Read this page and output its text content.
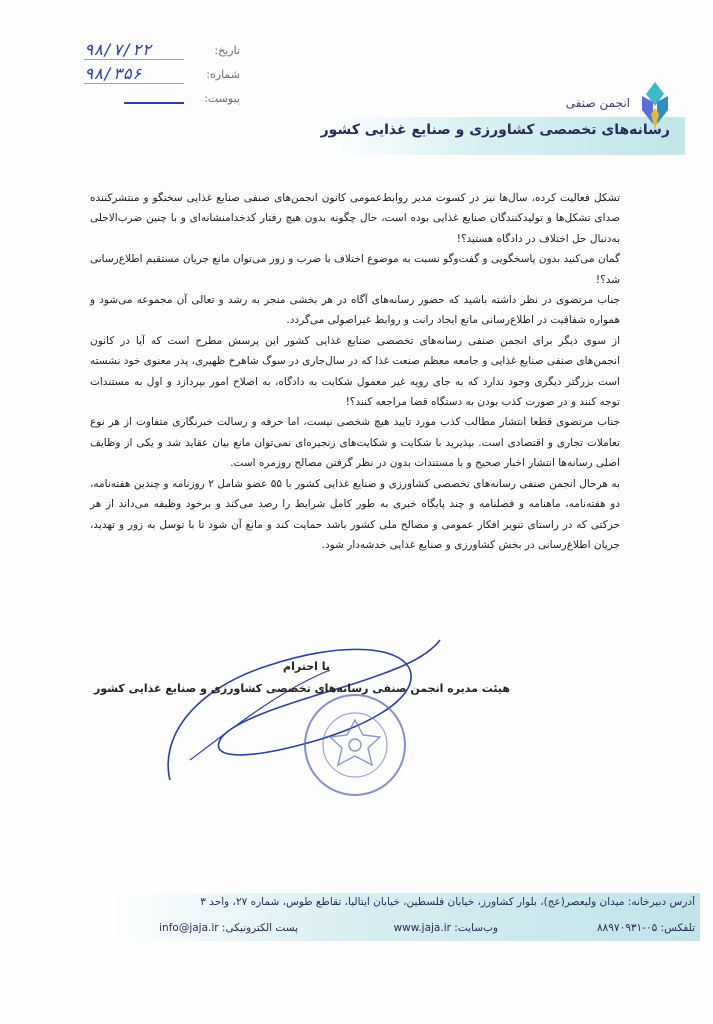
تاریخ:
۹۸/۷/۲۲
شماره:
۹۸/۳۵۶
پیوست:	انجمن صنفی
رسانه‌های تخصصی کشاورزی و صنایع غذایی کشور

تشکل فعالیت کرده، سال‌ها نیز در کسوت مدیر روابط‌عمومی کانون انجمن‌های صنفی صنایع غذایی سخنگو و منتشرکننده صدای تشکل‌ها و تولیدکنندگان صنایع غذایی بوده است، حال چگونه بدون هیچ رفتار کدخدامنشانه‌ای و با چنین ضرب‌الاجلی به‌دنبال حل اختلاف در دادگاه هستید؟!

گمان می‌کنید بدون پاسخگویی و گفت‌وگو نسبت به موضوع اختلاف با ضرب و زور می‌توان مانع جریان مستقیم اطلاع‌رسانی شد؟!

جناب مرتضوی در نظر داشته باشید که حضور رسانه‌های آگاه در هر بخشی منجر به رشد و تعالی آن مجموعه می‌شود و همواره شفافیت در اطلاع‌رسانی مانع ایجاد رانت و روابط غیراصولی می‌گردد.

از سوی دیگر برای انجمن صنفی رسانه‌های تخصصی صنایع غذایی کشور این پرسش مطرح است که آیا در کانون انجمن‌های صنفی صنایع غذایی و جامعه معظم صنعت غذا که در سال‌جاری در سوگ شاهرخ ظهیری، پدر معنوی خود نشسته است بزرگتر دیگری وجود ندارد که به جای رویه غیر معمول شکایت به دادگاه، به اصلاح امور بپردازد و اول به مستندات توجه کنند و در صورت کذب بودن به دستگاه قضا مراجعه کنند؟!

جناب مرتضوی قطعا انتشار مطالب کذب مورد تایید هیچ شخصی نیست، اما حرفه و رسالت خبرنگاری متفاوت از هر نوع تعاملات تجاری و اقتصادی است. بپذیرید با شکایت و شکایت‌های زنجیره‌ای نمی‌توان مانع بیان عقاید شد و یکی از وظایف اصلی رسانه‌ها انتشار اخبار صحیح و با مستندات بدون در نظر گرفتن مصالح روزمره است.

به هرحال انجمن صنفی رسانه‌های تخصصی کشاورزی و صنایع غذایی کشور با ۵۵ عضو شامل ۲ روزنامه و چندین هفته‌نامه، دو هفته‌نامه، ماهنامه و فصلنامه و چند پایگاه خبری به طور کامل شرایط را رصد می‌کند و برخود وظیفه می‌داند از هر حرکتی که در راستای تنویر افکار عمومی و مصالح ملی کشور باشد حمایت کند و مانع آن شود تا با توسل به زور و تهدید، جریان اطلاع‌رسانی در بخش کشاورزی و صنایع غذایی خدشه‌دار شود.

با احترام
هیئت مدیره انجمن صنفی رسانه‌های تخصصی کشاورزی و صنایع غذایی کشور
آدرس دبیرخانه: میدان ولیعصر(عج)، بلوار کشاورز، خیابان فلسطین، خیابان ایتالیا، تقاطع طوس، شماره ۲۷، واحد ۳
تلفکس: ۰۵-۸۸۹۷۰۹۳۱
وب‌سایت: www.jaja.ir
پست الکترونیکی: info@jaja.ir
